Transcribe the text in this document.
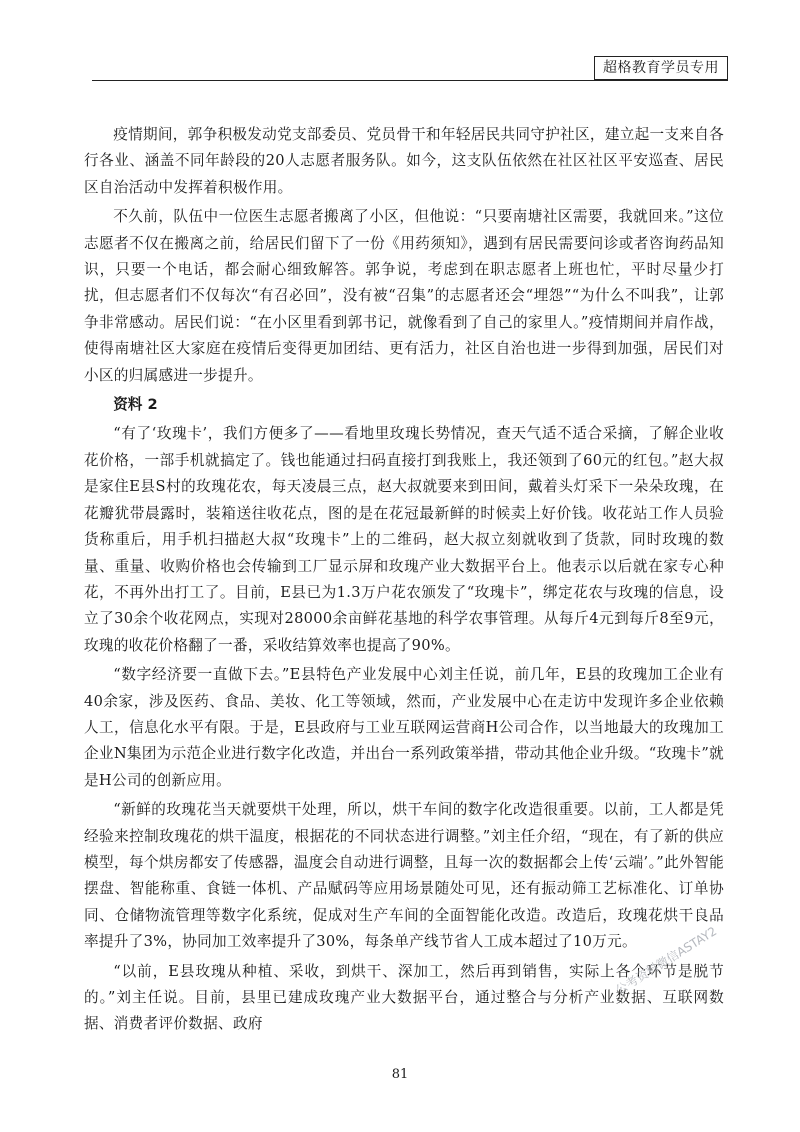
超格教育学员专用

疫情期间，郭争积极发动党支部委员、党员骨干和年轻居民共同守护社区，建立起一支来自各行各业、涵盖不同年龄段的20人志愿者服务队。如今，这支队伍依然在社区社区平安巡查、居民区自治活动中发挥着积极作用。

不久前，队伍中一位医生志愿者搬离了小区，但他说：“只要南塘社区需要，我就回来。”这位志愿者不仅在搬离之前，给居民们留下了一份《用药须知》，遇到有居民需要问诊或者咨询药品知识，只要一个电话，都会耐心细致解答。郭争说，考虑到在职志愿者上班也忙，平时尽量少打扰，但志愿者们不仅每次“有召必回”，没有被“召集”的志愿者还会“埋怨”“为什么不叫我”，让郭争非常感动。居民们说：“在小区里看到郭书记，就像看到了自己的家里人。”疫情期间并肩作战，使得南塘社区大家庭在疫情后变得更加团结、更有活力，社区自治也进一步得到加强，居民们对小区的归属感进一步提升。

资料 2

“有了‘玫瑰卡’，我们方便多了——看地里玫瑰长势情况，查天气适不适合采摘，了解企业收花价格，一部手机就搞定了。钱也能通过扫码直接打到我账上，我还领到了60元的红包。”赵大叔是家住E县S村的玫瑰花农，每天凌晨三点，赵大叔就要来到田间，戴着头灯采下一朵朵玫瑰，在花瓣犹带晨露时，装箱送往收花点，图的是在花冠最新鲜的时候卖上好价钱。收花站工作人员验货称重后，用手机扫描赵大叔“玫瑰卡”上的二维码，赵大叔立刻就收到了货款，同时玫瑰的数量、重量、收购价格也会传输到工厂显示屏和玫瑰产业大数据平台上。他表示以后就在家专心种花，不再外出打工了。目前，E县已为1.3万户花农颁发了“玫瑰卡”，绑定花农与玫瑰的信息，设立了30余个收花网点，实现对28000余亩鲜花基地的科学农事管理。从每斤4元到每斤8至9元，玫瑰的收花价格翻了一番，采收结算效率也提高了90%。

“数字经济要一直做下去。”E县特色产业发展中心刘主任说，前几年，E县的玫瑰加工企业有40余家，涉及医药、食品、美妆、化工等领域，然而，产业发展中心在走访中发现许多企业依赖人工，信息化水平有限。于是，E县政府与工业互联网运营商H公司合作，以当地最大的玫瑰加工企业N集团为示范企业进行数字化改造，并出台一系列政策举措，带动其他企业升级。“玫瑰卡”就是H公司的创新应用。

“新鲜的玫瑰花当天就要烘干处理，所以，烘干车间的数字化改造很重要。以前，工人都是凭经验来控制玫瑰花的烘干温度，根据花的不同状态进行调整。”刘主任介绍，“现在，有了新的供应模型，每个烘房都安了传感器，温度会自动进行调整，且每一次的数据都会上传‘云端’。”此外智能摆盘、智能称重、食链一体机、产品赋码等应用场景随处可见，还有振动筛工艺标准化、订单协同、仓储物流管理等数字化系统，促成对生产车间的全面智能化改造。改造后，玫瑰花烘干良品率提升了3%，协同加工效率提升了30%，每条单产线节省人工成本超过了10万元。

“以前，E县玫瑰从种植、采收，到烘干、深加工，然后再到销售，实际上各个环节是脱节的。”刘主任说。目前，县里已建成玫瑰产业大数据平台，通过整合与分析产业数据、互联网数据、消费者评价数据、政府

公考资料微信ASTAY2
81
